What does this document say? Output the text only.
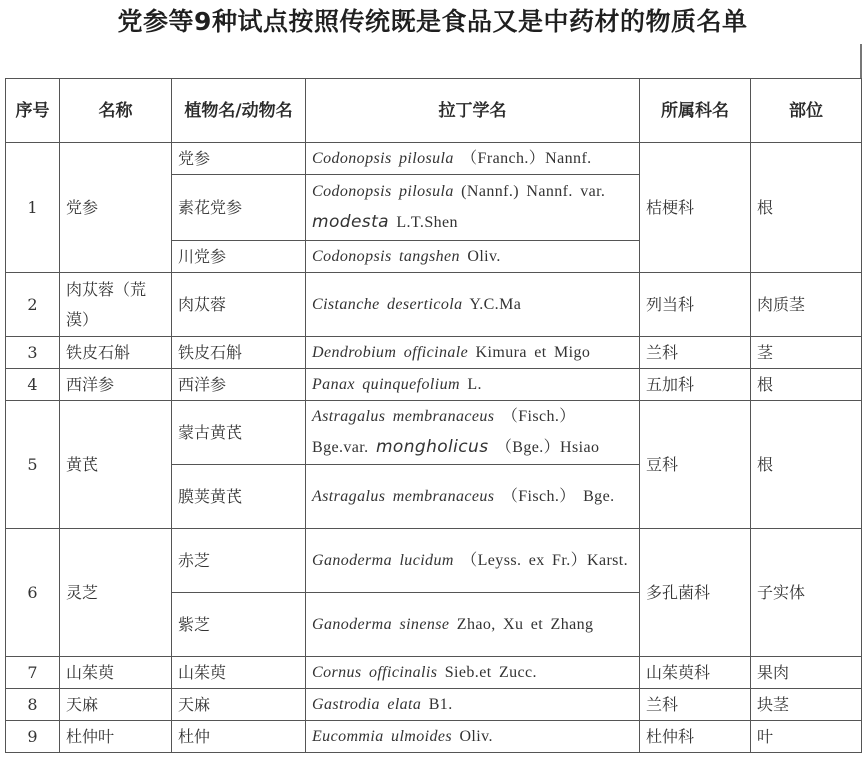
党参等9种试点按照传统既是食品又是中药材的物质名单
序号	名称	植物名/动物名	拉丁学名	所属科名	部位
1	党参	党参	Codonopsis pilosula （Franch.）Nannf.	桔梗科	根
		素花党参	Codonopsis pilosula (Nannf.) Nannf. var. modesta L.T.Shen		
		川党参	Codonopsis tangshen Oliv.		
2	肉苁蓉（荒漠）	肉苁蓉	Cistanche deserticola Y.C.Ma	列当科	肉质茎
3	铁皮石斛	铁皮石斛	Dendrobium officinale Kimura et Migo	兰科	茎
4	西洋参	西洋参	Panax quinquefolium L.	五加科	根
5	黄芪	蒙古黄芪	Astragalus membranaceus （Fisch.） Bge.var. mongholicus （Bge.）Hsiao	豆科	根
		膜荚黄芪	Astragalus membranaceus （Fisch.） Bge.		
6	灵芝	赤芝	Ganoderma lucidum （Leyss. ex Fr.）Karst.	多孔菌科	子实体
		紫芝	Ganoderma sinense Zhao, Xu et Zhang		
7	山茱萸	山茱萸	Cornus officinalis Sieb.et Zucc.	山茱萸科	果肉
8	天麻	天麻	Gastrodia elata B1.	兰科	块茎
9	杜仲叶	杜仲	Eucommia ulmoides Oliv.	杜仲科	叶
